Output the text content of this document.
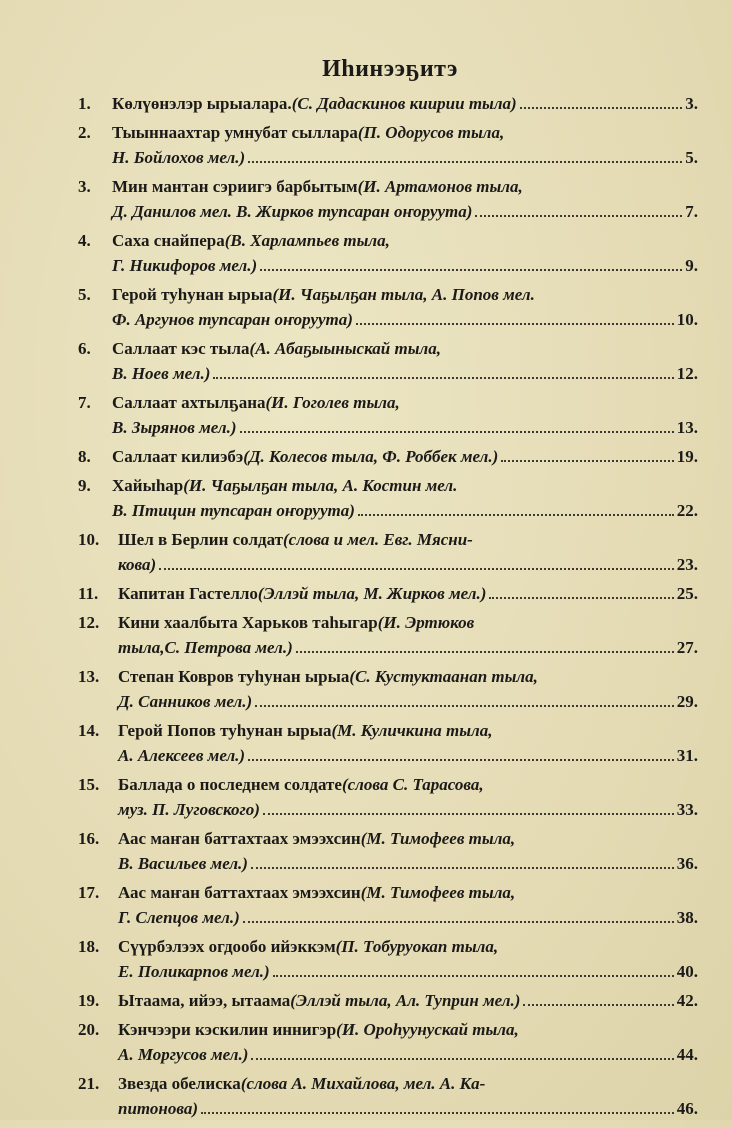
Иһинээҕитэ
1.	Көлүөнэлэр ырыалара. (С. Дадаскинов киирии тыла)	3.
2.	Тыыннаахтар умнубат сыллара (П. Одорусов тыла,
Н. Бойлохов мел.)	5.
3.	Мин мантан сэриигэ барбытым (И. Артамонов тыла,
Д. Данилов мел. В. Жирков тупсаран оҥоруута)	7.
4.	Саха снайпера (В. Харлампьев тыла,
Г. Никифоров мел.)	9.
5.	Герой туһунан ырыа (И. Чаҕылҕан тыла, А. Попов мел.
Ф. Аргунов тупсаран оҥоруута)	10.
6.	Саллаат кэс тыла (А. Абаҕыыныскай тыла,
В. Ноев мел.)	12.
7.	Саллаат ахтылҕана (И. Гоголев тыла,
В. Зырянов мел.)	13.
8.	Саллаат килиэбэ (Д. Колесов тыла, Ф. Роббек мел.)	19.
9.	Хайыһар (И. Чаҕылҕан тыла, А. Костин мел.
В. Птицин тупсаран оҥоруута)	22.
10.	Шел в Берлин солдат (слова и мел. Евг. Мясни-
кова)	23.
11.	Капитан Гастелло (Эллэй тыла, М. Жирков мел.)	25.
12.	Кини хаалбыта Харьков таһыгар (И. Эртюков
тыла,С. Петрова мел.)	27.
13.	Степан Ковров туһунан ырыа (С. Кустуктаанап тыла,
Д. Санников мел.)	29.
14.	Герой Попов туһунан ырыа (М. Куличкина тыла,
А. Алексеев мел.)	31.
15.	Баллада о последнем солдате (слова С. Тарасова,
муз. П. Луговского)	33.
16.	Аас маҥан баттахтаах эмээхсин (М. Тимофеев тыла,
В. Васильев мел.)	36.
17.	Аас маҥан баттахтаах эмээхсин (М. Тимофеев тыла,
Г. Слепцов мел.)	38.
18.	Сүүрбэлээх огдообо ийэккэм (П. Тобуруокап тыла,
Е. Поликарпов мел.)	40.
19.	Ытаама, ийээ, ытаама (Эллэй тыла, Ал. Туприн мел.)	42.
20.	Кэнчээри кэскилин иннигэр (И. Ороһуунускай тыла,
А. Моргусов мел.)	44.
21.	Звезда обелиска (слова А. Михайлова, мел. А. Ка-
питонова)	46.
